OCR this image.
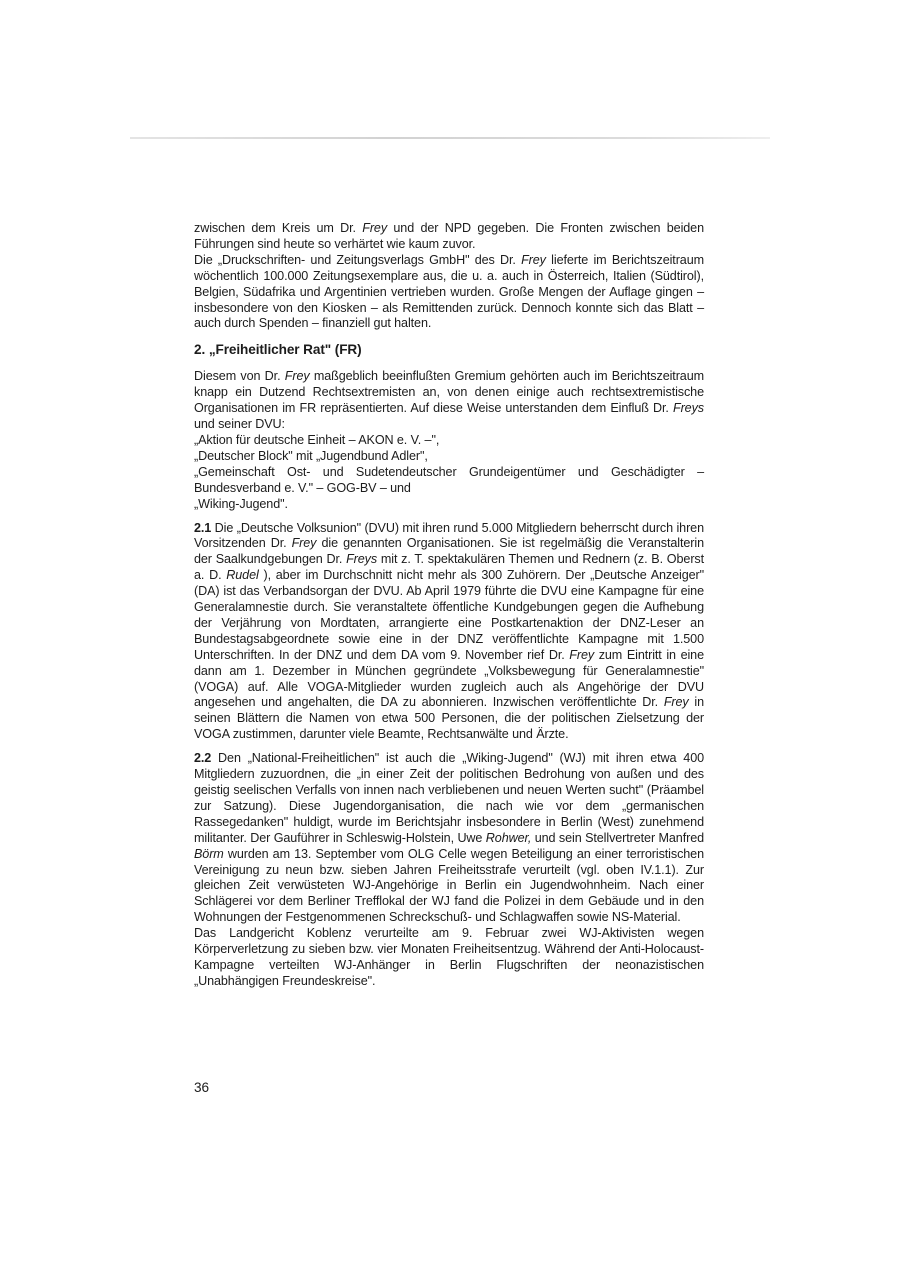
zwischen dem Kreis um Dr. Frey und der NPD gegeben. Die Fronten zwischen beiden Führungen sind heute so verhärtet wie kaum zuvor.

Die „Druckschriften- und Zeitungsverlags GmbH" des Dr. Frey lieferte im Berichtszeitraum wöchentlich 100.000 Zeitungsexemplare aus, die u. a. auch in Österreich, Italien (Südtirol), Belgien, Südafrika und Argentinien vertrieben wurden. Große Mengen der Auflage gingen – insbesondere von den Kiosken – als Remittenden zurück. Dennoch konnte sich das Blatt – auch durch Spenden – finanziell gut halten.

2. „Freiheitlicher Rat" (FR)

Diesem von Dr. Frey maßgeblich beeinflußten Gremium gehörten auch im Berichtszeitraum knapp ein Dutzend Rechtsextremisten an, von denen einige auch rechtsextremistische Organisationen im FR repräsentierten. Auf diese Weise unterstanden dem Einfluß Dr. Freys und seiner DVU:

„Aktion für deutsche Einheit – AKON e. V. –",
„Deutscher Block" mit „Jugendbund Adler",
„Gemeinschaft Ost- und Sudetendeutscher Grundeigentümer und Geschädigter – Bundesverband e. V." – GOG-BV – und
„Wiking-Jugend".

2.1 Die „Deutsche Volksunion" (DVU) mit ihren rund 5.000 Mitgliedern beherrscht durch ihren Vorsitzenden Dr. Frey die genannten Organisationen. Sie ist regelmäßig die Veranstalterin der Saalkundgebungen Dr. Freys mit z. T. spektakulären Themen und Rednern (z. B. Oberst a. D. Rudel ), aber im Durchschnitt nicht mehr als 300 Zuhörern. Der „Deutsche Anzeiger" (DA) ist das Verbandsorgan der DVU. Ab April 1979 führte die DVU eine Kampagne für eine Generalamnestie durch. Sie veranstaltete öffentliche Kundgebungen gegen die Aufhebung der Verjährung von Mordtaten, arrangierte eine Postkartenaktion der DNZ-Leser an Bundestagsabgeordnete sowie eine in der DNZ veröffentlichte Kampagne mit 1.500 Unterschriften. In der DNZ und dem DA vom 9. November rief Dr. Frey zum Eintritt in eine dann am 1. Dezember in München gegründete „Volksbewegung für Generalamnestie" (VOGA) auf. Alle VOGA-Mitglieder wurden zugleich auch als Angehörige der DVU angesehen und angehalten, die DA zu abonnieren. Inzwischen veröffentlichte Dr. Frey in seinen Blättern die Namen von etwa 500 Personen, die der politischen Zielsetzung der VOGA zustimmen, darunter viele Beamte, Rechtsanwälte und Ärzte.

2.2 Den „National-Freiheitlichen" ist auch die „Wiking-Jugend" (WJ) mit ihren etwa 400 Mitgliedern zuzuordnen, die „in einer Zeit der politischen Bedrohung von außen und des geistig seelischen Verfalls von innen nach verbliebenen und neuen Werten sucht" (Präambel zur Satzung). Diese Jugendorganisation, die nach wie vor dem „germanischen Rassegedanken" huldigt, wurde im Berichtsjahr insbesondere in Berlin (West) zunehmend militanter. Der Gauführer in Schleswig-Holstein, Uwe Rohwer, und sein Stellvertreter Manfred Börm wurden am 13. September vom OLG Celle wegen Beteiligung an einer terroristischen Vereinigung zu neun bzw. sieben Jahren Freiheitsstrafe verurteilt (vgl. oben IV.1.1). Zur gleichen Zeit verwüsteten WJ-Angehörige in Berlin ein Jugendwohnheim. Nach einer Schlägerei vor dem Berliner Trefflokal der WJ fand die Polizei in dem Gebäude und in den Wohnungen der Festgenommenen Schreckschuß- und Schlagwaffen sowie NS-Material.

Das Landgericht Koblenz verurteilte am 9. Februar zwei WJ-Aktivisten wegen Körperverletzung zu sieben bzw. vier Monaten Freiheitsentzug. Während der Anti-Holocaust-Kampagne verteilten WJ-Anhänger in Berlin Flugschriften der neonazistischen „Unabhängigen Freundeskreise".

36
